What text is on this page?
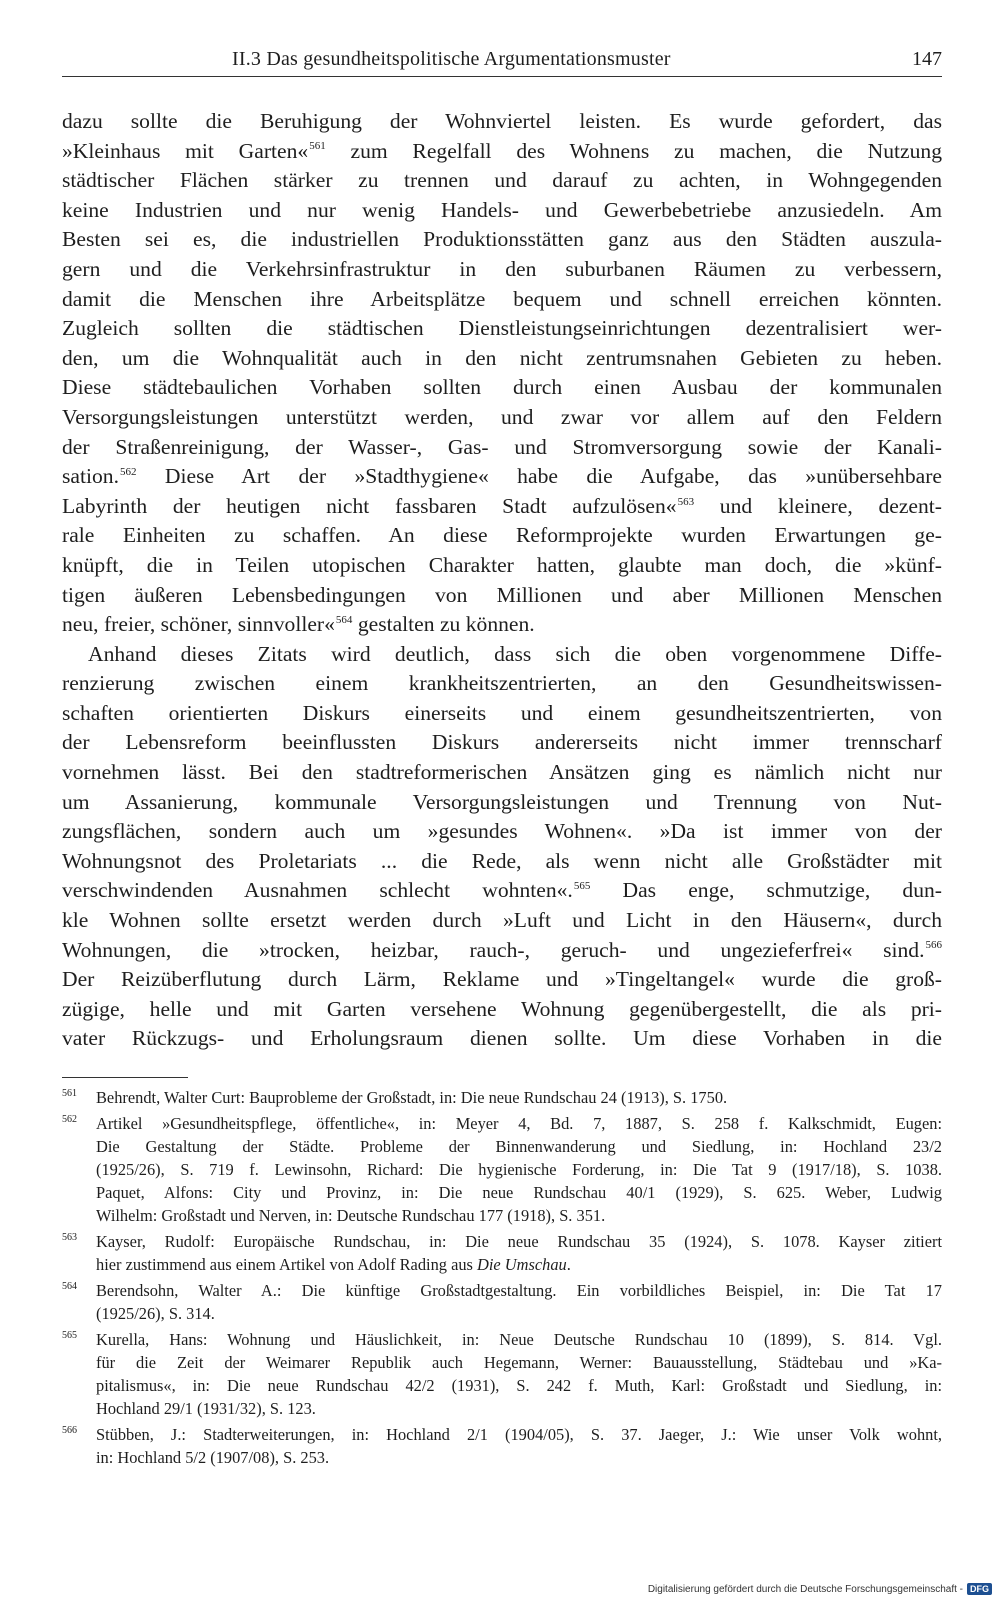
II.3 Das gesundheitspolitische Argumentationsmuster	147
dazu sollte die Beruhigung der Wohnviertel leisten. Es wurde gefordert, das
»Kleinhaus mit Garten«$^{561}$ zum Regelfall des Wohnens zu machen, die Nutzung
städtischer Flächen stärker zu trennen und darauf zu achten, in Wohngegenden
keine Industrien und nur wenig Handels- und Gewerbebetriebe anzusiedeln. Am
Besten sei es, die industriellen Produktionsstätten ganz aus den Städten auszula-
gern und die Verkehrsinfrastruktur in den suburbanen Räumen zu verbessern,
damit die Menschen ihre Arbeitsplätze bequem und schnell erreichen könnten.
Zugleich sollten die städtischen Dienstleistungseinrichtungen dezentralisiert wer-
den, um die Wohnqualität auch in den nicht zentrumsnahen Gebieten zu heben.
Diese städtebaulichen Vorhaben sollten durch einen Ausbau der kommunalen
Versorgungsleistungen unterstützt werden, und zwar vor allem auf den Feldern
der Straßenreinigung, der Wasser-, Gas- und Stromversorgung sowie der Kanali-
sation.$^{562}$ Diese Art der »Stadthygiene« habe die Aufgabe, das »unübersehbare
Labyrinth der heutigen nicht fassbaren Stadt aufzulösen«$^{563}$ und kleinere, dezent-
rale Einheiten zu schaffen. An diese Reformprojekte wurden Erwartungen ge-
knüpft, die in Teilen utopischen Charakter hatten, glaubte man doch, die »künf-
tigen äußeren Lebensbedingungen von Millionen und aber Millionen Menschen
neu, freier, schöner, sinnvoller«$^{564}$ gestalten zu können.
Anhand dieses Zitats wird deutlich, dass sich die oben vorgenommene Diffe-
renzierung zwischen einem krankheitszentrierten, an den Gesundheitswissen-
schaften orientierten Diskurs einerseits und einem gesundheitszentrierten, von
der Lebensreform beeinflussten Diskurs andererseits nicht immer trennscharf
vornehmen lässt. Bei den stadtreformerischen Ansätzen ging es nämlich nicht nur
um Assanierung, kommunale Versorgungsleistungen und Trennung von Nut-
zungsflächen, sondern auch um »gesundes Wohnen«. »Da ist immer von der
Wohnungsnot des Proletariats ... die Rede, als wenn nicht alle Großstädter mit
verschwindenden Ausnahmen schlecht wohnten«.$^{565}$ Das enge, schmutzige, dun-
kle Wohnen sollte ersetzt werden durch »Luft und Licht in den Häusern«, durch
Wohnungen, die »trocken, heizbar, rauch-, geruch- und ungezieferfrei« sind.$^{566}$
Der Reizüberflutung durch Lärm, Reklame und »Tingeltangel« wurde die groß-
zügige, helle und mit Garten versehene Wohnung gegenübergestellt, die als pri-
vater Rückzugs- und Erholungsraum dienen sollte. Um diese Vorhaben in die
561 Behrendt, Walter Curt: Bauprobleme der Großstadt, in: Die neue Rundschau 24 (1913), S. 1750.
562 Artikel »Gesundheitspflege, öffentliche«, in: Meyer 4, Bd. 7, 1887, S. 258 f. Kalkschmidt, Eugen:
Die Gestaltung der Städte. Probleme der Binnenwanderung und Siedlung, in: Hochland 23/2
(1925/26), S. 719 f. Lewinsohn, Richard: Die hygienische Forderung, in: Die Tat 9 (1917/18), S. 1038.
Paquet, Alfons: City und Provinz, in: Die neue Rundschau 40/1 (1929), S. 625. Weber, Ludwig
Wilhelm: Großstadt und Nerven, in: Deutsche Rundschau 177 (1918), S. 351.
563 Kayser, Rudolf: Europäische Rundschau, in: Die neue Rundschau 35 (1924), S. 1078. Kayser zitiert
hier zustimmend aus einem Artikel von Adolf Rading aus Die Umschau.
564 Berendsohn, Walter A.: Die künftige Großstadtgestaltung. Ein vorbildliches Beispiel, in: Die Tat 17
(1925/26), S. 314.
565 Kurella, Hans: Wohnung und Häuslichkeit, in: Neue Deutsche Rundschau 10 (1899), S. 814. Vgl.
für die Zeit der Weimarer Republik auch Hegemann, Werner: Bauausstellung, Städtebau und »Ka-
pitalismus«, in: Die neue Rundschau 42/2 (1931), S. 242 f. Muth, Karl: Großstadt und Siedlung, in:
Hochland 29/1 (1931/32), S. 123.
566 Stübben, J.: Stadterweiterungen, in: Hochland 2/1 (1904/05), S. 37. Jaeger, J.: Wie unser Volk wohnt,
in: Hochland 5/2 (1907/08), S. 253.
Digitalisierung gefördert durch die Deutsche Forschungsgemeinschaft - DFG
